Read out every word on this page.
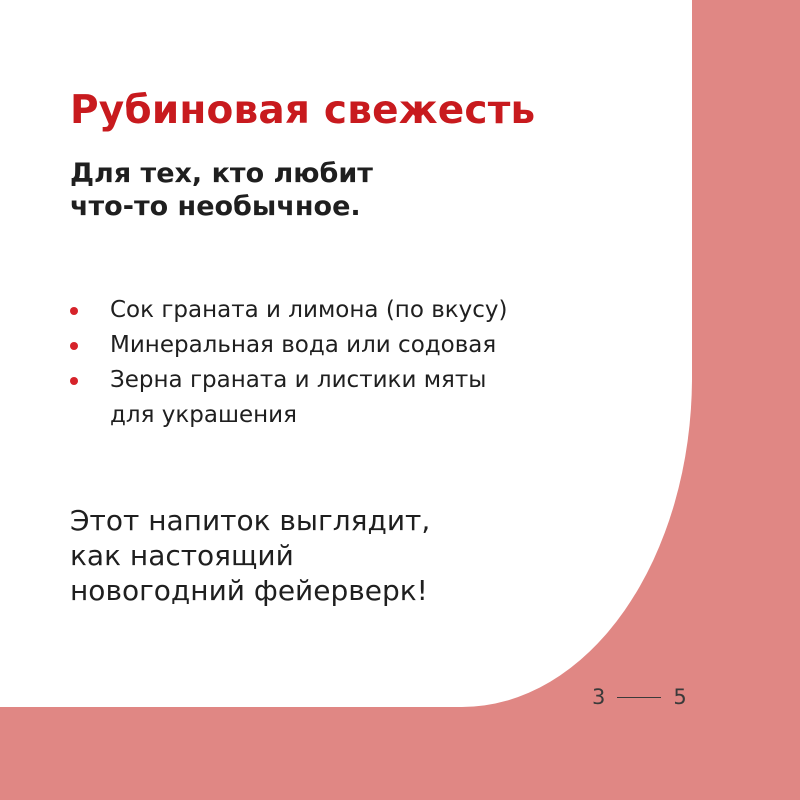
Рубиновая свежесть

Для тех, кто любит
что-то необычное.

Сок граната и лимона (по вкусу)
Минеральная вода или содовая
Зерна граната и листики мяты
для украшения

Этот напиток выглядит,
как настоящий
новогодний фейерверк!

3	5
